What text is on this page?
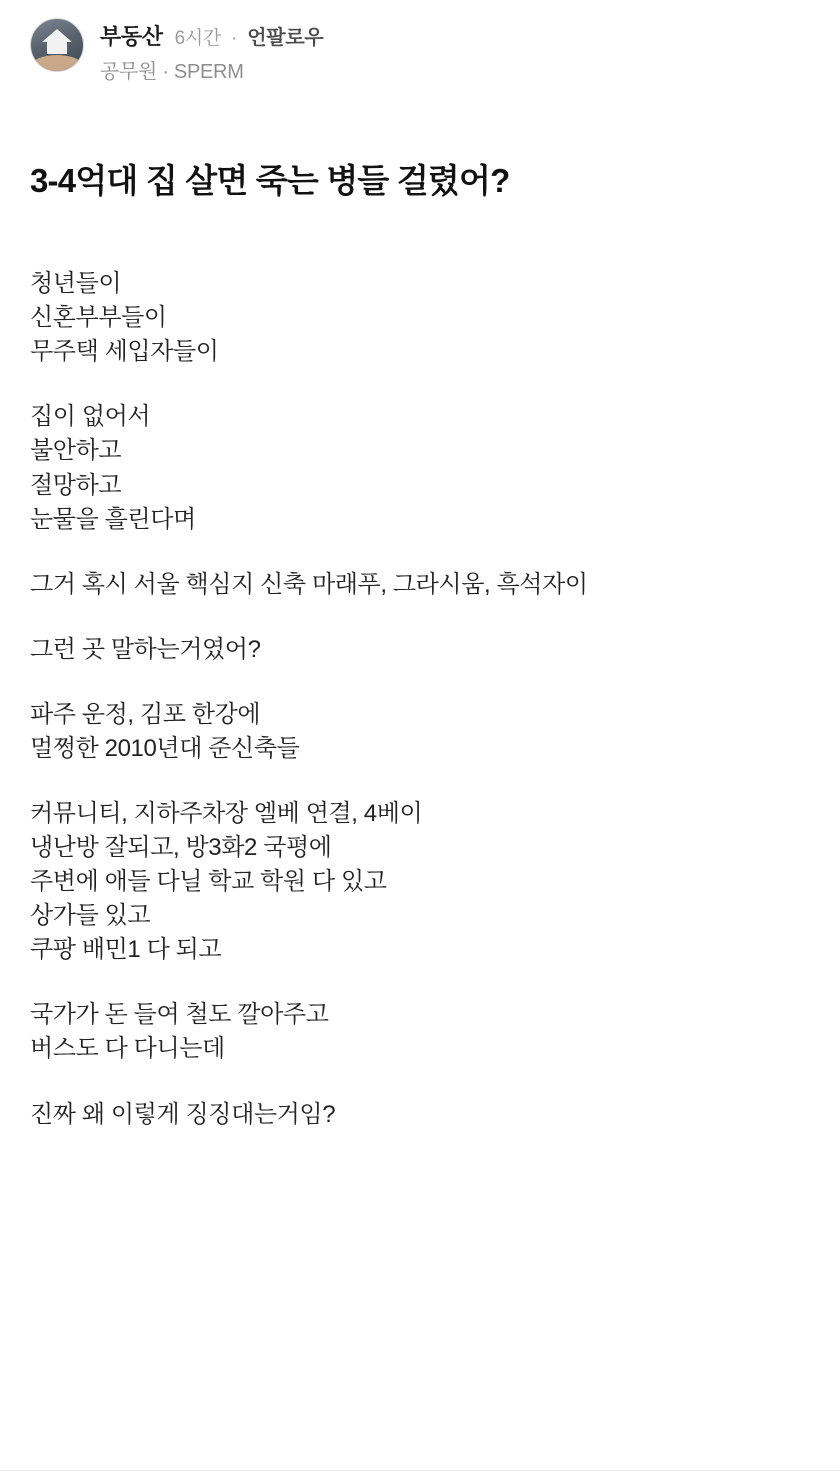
부동산 6시간 · 언팔로우
공무원 · SPERM
3-4억대 집 살면 죽는 병들 걸렸어?

청년들이
신혼부부들이
무주택 세입자들이

집이 없어서
불안하고
절망하고
눈물을 흘린다며

그거 혹시 서울 핵심지 신축 마래푸, 그라시움, 흑석자이

그런 곳 말하는거였어?

파주 운정, 김포 한강에
멀쩡한 2010년대 준신축들

커뮤니티, 지하주차장 엘베 연결, 4베이
냉난방 잘되고, 방3화2 국평에
주변에 애들 다닐 학교 학원 다 있고
상가들 있고
쿠팡 배민1 다 되고

국가가 돈 들여 철도 깔아주고
버스도 다 다니는데

진짜 왜 이렇게 징징대는거임?
